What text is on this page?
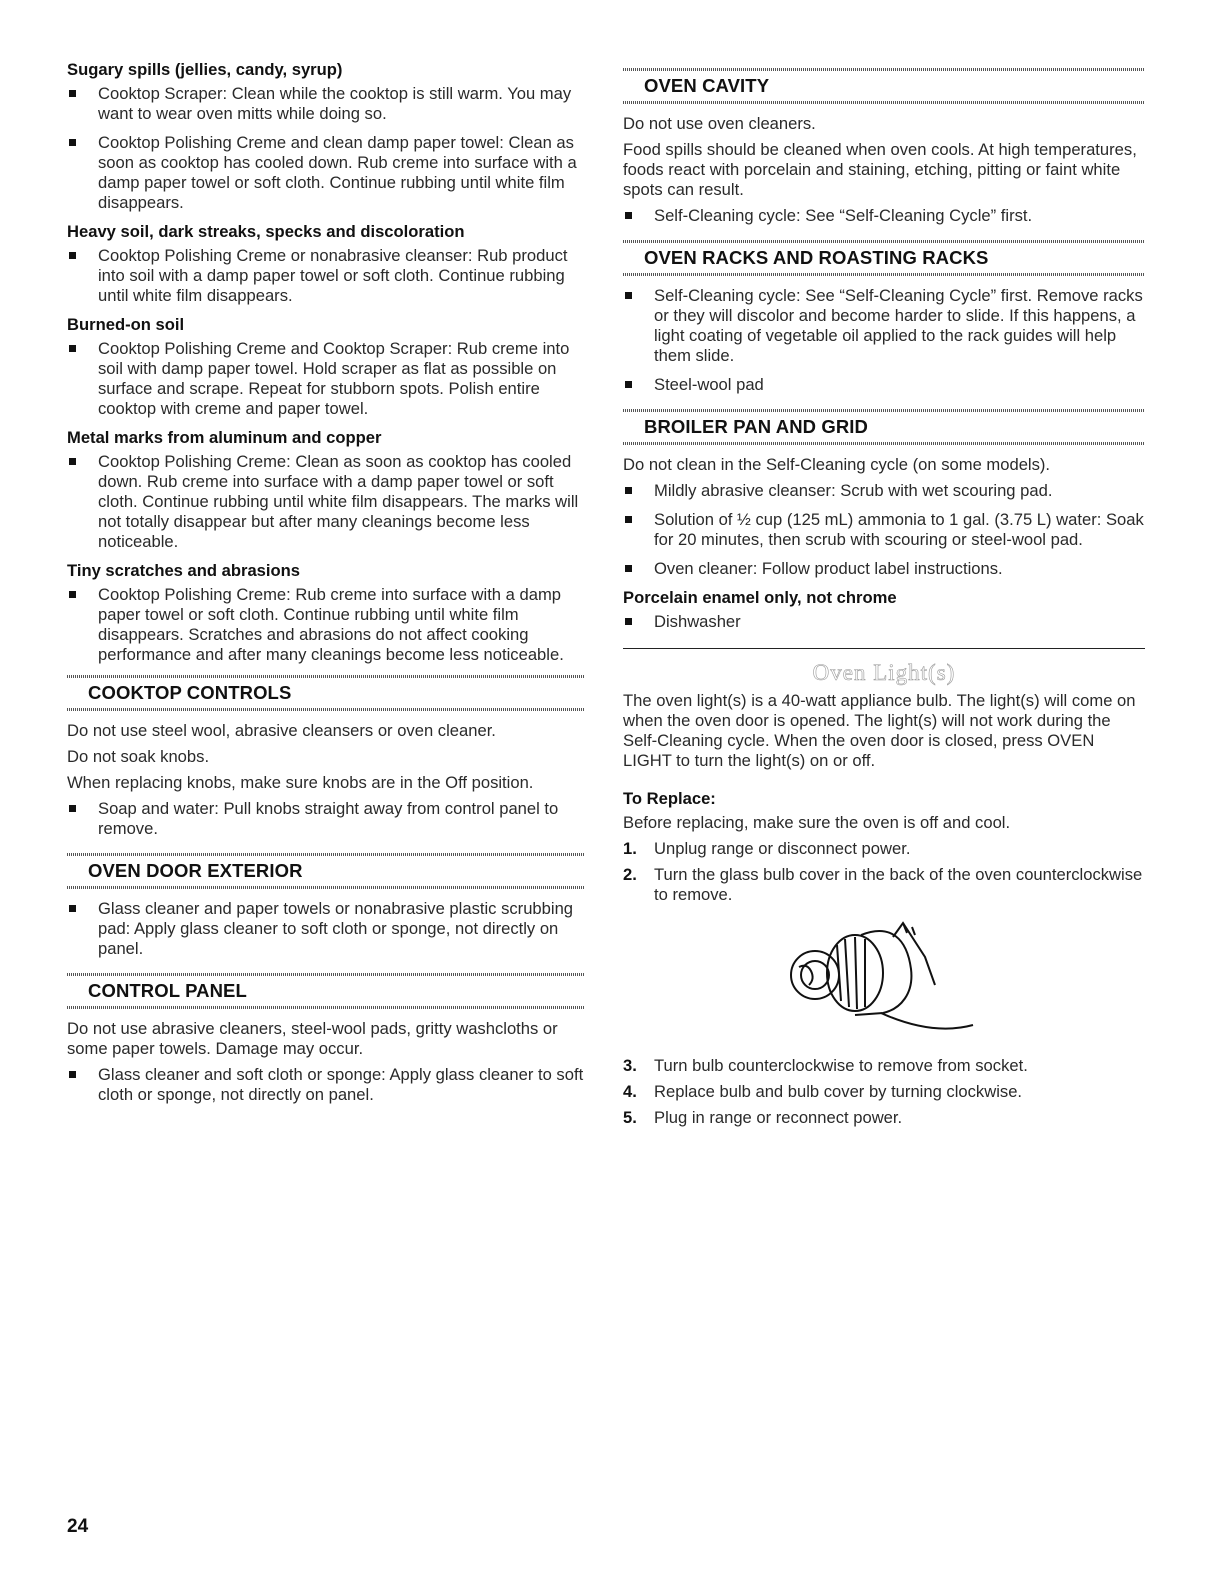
Sugary spills (jellies, candy, syrup)
Cooktop Scraper: Clean while the cooktop is still warm. You may want to wear oven mitts while doing so.
Cooktop Polishing Creme and clean damp paper towel: Clean as soon as cooktop has cooled down. Rub creme into surface with a damp paper towel or soft cloth. Continue rubbing until white film disappears.
Heavy soil, dark streaks, specks and discoloration
Cooktop Polishing Creme or nonabrasive cleanser: Rub product into soil with a damp paper towel or soft cloth. Continue rubbing until white film disappears.
Burned-on soil
Cooktop Polishing Creme and Cooktop Scraper: Rub creme into soil with damp paper towel. Hold scraper as flat as possible on surface and scrape. Repeat for stubborn spots. Polish entire cooktop with creme and paper towel.
Metal marks from aluminum and copper
Cooktop Polishing Creme: Clean as soon as cooktop has cooled down. Rub creme into surface with a damp paper towel or soft cloth. Continue rubbing until white film disappears. The marks will not totally disappear but after many cleanings become less noticeable.
Tiny scratches and abrasions
Cooktop Polishing Creme: Rub creme into surface with a damp paper towel or soft cloth. Continue rubbing until white film disappears. Scratches and abrasions do not affect cooking performance and after many cleanings become less noticeable.
COOKTOP CONTROLS
Do not use steel wool, abrasive cleansers or oven cleaner.
Do not soak knobs.
When replacing knobs, make sure knobs are in the Off position.
Soap and water: Pull knobs straight away from control panel to remove.
OVEN DOOR EXTERIOR
Glass cleaner and paper towels or nonabrasive plastic scrubbing pad: Apply glass cleaner to soft cloth or sponge, not directly on panel.
CONTROL PANEL
Do not use abrasive cleaners, steel-wool pads, gritty washcloths or some paper towels. Damage may occur.
Glass cleaner and soft cloth or sponge: Apply glass cleaner to soft cloth or sponge, not directly on panel.
OVEN CAVITY
Do not use oven cleaners.
Food spills should be cleaned when oven cools. At high temperatures, foods react with porcelain and staining, etching, pitting or faint white spots can result.
Self-Cleaning cycle: See “Self-Cleaning Cycle” first.
OVEN RACKS AND ROASTING RACKS
Self-Cleaning cycle: See “Self-Cleaning Cycle” first. Remove racks or they will discolor and become harder to slide. If this happens, a light coating of vegetable oil applied to the rack guides will help them slide.
Steel-wool pad
BROILER PAN AND GRID
Do not clean in the Self-Cleaning cycle (on some models).
Mildly abrasive cleanser: Scrub with wet scouring pad.
Solution of ½ cup (125 mL) ammonia to 1 gal. (3.75 L) water: Soak for 20 minutes, then scrub with scouring or steel-wool pad.
Oven cleaner: Follow product label instructions.
Porcelain enamel only, not chrome
Dishwasher
Oven Light(s)
The oven light(s) is a 40-watt appliance bulb. The light(s) will come on when the oven door is opened. The light(s) will not work during the Self-Cleaning cycle. When the oven door is closed, press OVEN LIGHT to turn the light(s) on or off.
To Replace:
Before replacing, make sure the oven is off and cool.
1. Unplug range or disconnect power.
2. Turn the glass bulb cover in the back of the oven counterclockwise to remove.
3. Turn bulb counterclockwise to remove from socket.
4. Replace bulb and bulb cover by turning clockwise.
5. Plug in range or reconnect power.
24
